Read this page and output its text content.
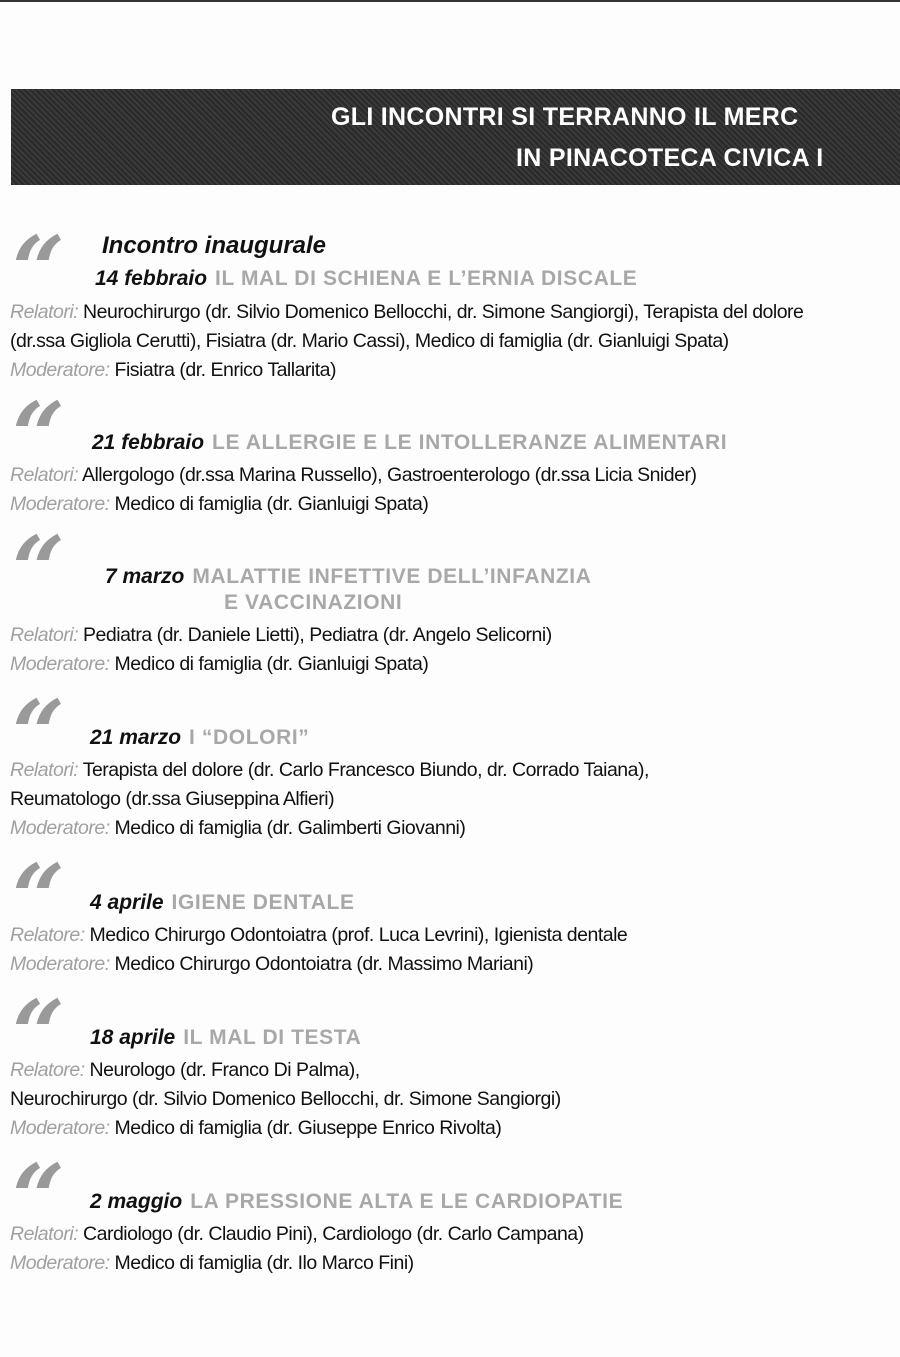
GLI INCONTRI SI TERRANNO IL MERC
IN PINACOTECA CIVICA I
Incontro inaugurale
14 febbraio IL MAL DI SCHIENA E L’ERNIA DISCALE
Relatori: Neurochirurgo (dr. Silvio Domenico Bellocchi, dr. Simone Sangiorgi), Terapista del dolore
(dr.ssa Gigliola Cerutti), Fisiatra (dr. Mario Cassi), Medico di famiglia (dr. Gianluigi Spata)
Moderatore: Fisiatra (dr. Enrico Tallarita)
21 febbraio LE ALLERGIE E LE INTOLLERANZE ALIMENTARI
Relatori: Allergologo (dr.ssa Marina Russello), Gastroenterologo (dr.ssa Licia Snider)
Moderatore: Medico di famiglia (dr. Gianluigi Spata)
7 marzo MALATTIE INFETTIVE DELL’INFANZIA
E VACCINAZIONI
Relatori: Pediatra (dr. Daniele Lietti), Pediatra (dr. Angelo Selicorni)
Moderatore: Medico di famiglia (dr. Gianluigi Spata)
21 marzo I “DOLORI”
Relatori: Terapista del dolore (dr. Carlo Francesco Biundo, dr. Corrado Taiana),
Reumatologo (dr.ssa Giuseppina Alfieri)
Moderatore: Medico di famiglia (dr. Galimberti Giovanni)
4 aprile IGIENE DENTALE
Relatore: Medico Chirurgo Odontoiatra (prof. Luca Levrini), Igienista dentale
Moderatore: Medico Chirurgo Odontoiatra (dr. Massimo Mariani)
18 aprile IL MAL DI TESTA
Relatore: Neurologo (dr. Franco Di Palma),
Neurochirurgo (dr. Silvio Domenico Bellocchi, dr. Simone Sangiorgi)
Moderatore: Medico di famiglia (dr. Giuseppe Enrico Rivolta)
2 maggio LA PRESSIONE ALTA E LE CARDIOPATIE
Relatori: Cardiologo (dr. Claudio Pini), Cardiologo (dr. Carlo Campana)
Moderatore: Medico di famiglia (dr. Ilo Marco Fini)
